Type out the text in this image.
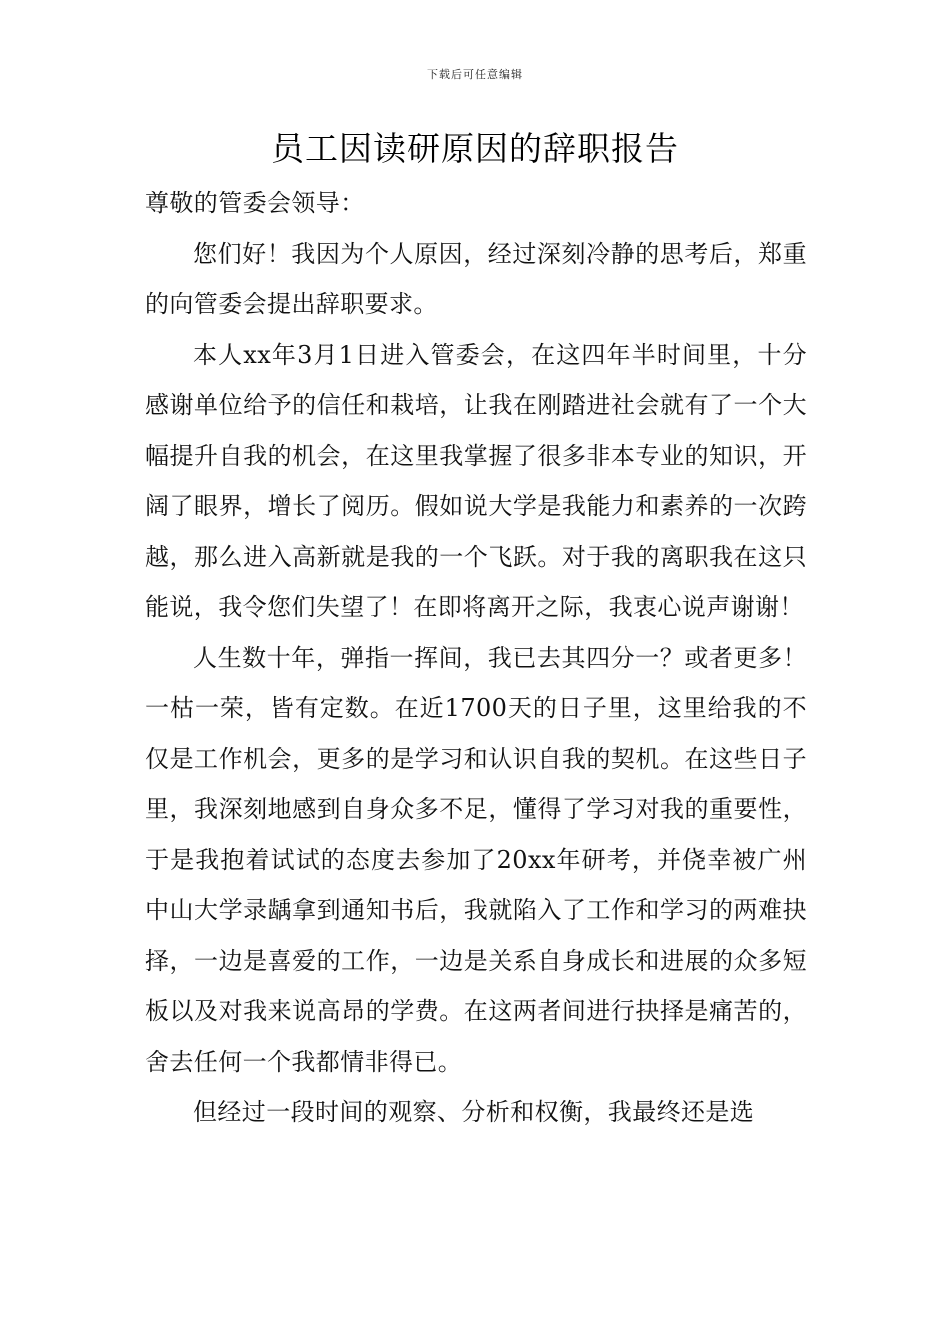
下载后可任意编辑
员工因读研原因的辞职报告

尊敬的管委会领导：

您们好！我因为个人原因，经过深刻冷静的思考后，郑重的向管委会提出辞职要求。

本人xx年3月1日进入管委会，在这四年半时间里，十分感谢单位给予的信任和栽培，让我在刚踏进社会就有了一个大幅提升自我的机会，在这里我掌握了很多非本专业的知识，开阔了眼界，增长了阅历。假如说大学是我能力和素养的一次跨越，那么进入高新就是我的一个飞跃。对于我的离职我在这只能说，我令您们失望了！在即将离开之际，我衷心说声谢谢！

人生数十年，弹指一挥间，我已去其四分一？或者更多！一枯一荣，皆有定数。在近1700天的日子里，这里给我的不仅是工作机会，更多的是学习和认识自我的契机。在这些日子里，我深刻地感到自身众多不足，懂得了学习对我的重要性，于是我抱着试试的态度去参加了20xx年研考，并侥幸被广州中山大学录龋拿到通知书后，我就陷入了工作和学习的两难抉择，一边是喜爱的工作，一边是关系自身成长和进展的众多短板以及对我来说高昂的学费。在这两者间进行抉择是痛苦的，舍去任何一个我都情非得已。

但经过一段时间的观察、分析和权衡，我最终还是选
